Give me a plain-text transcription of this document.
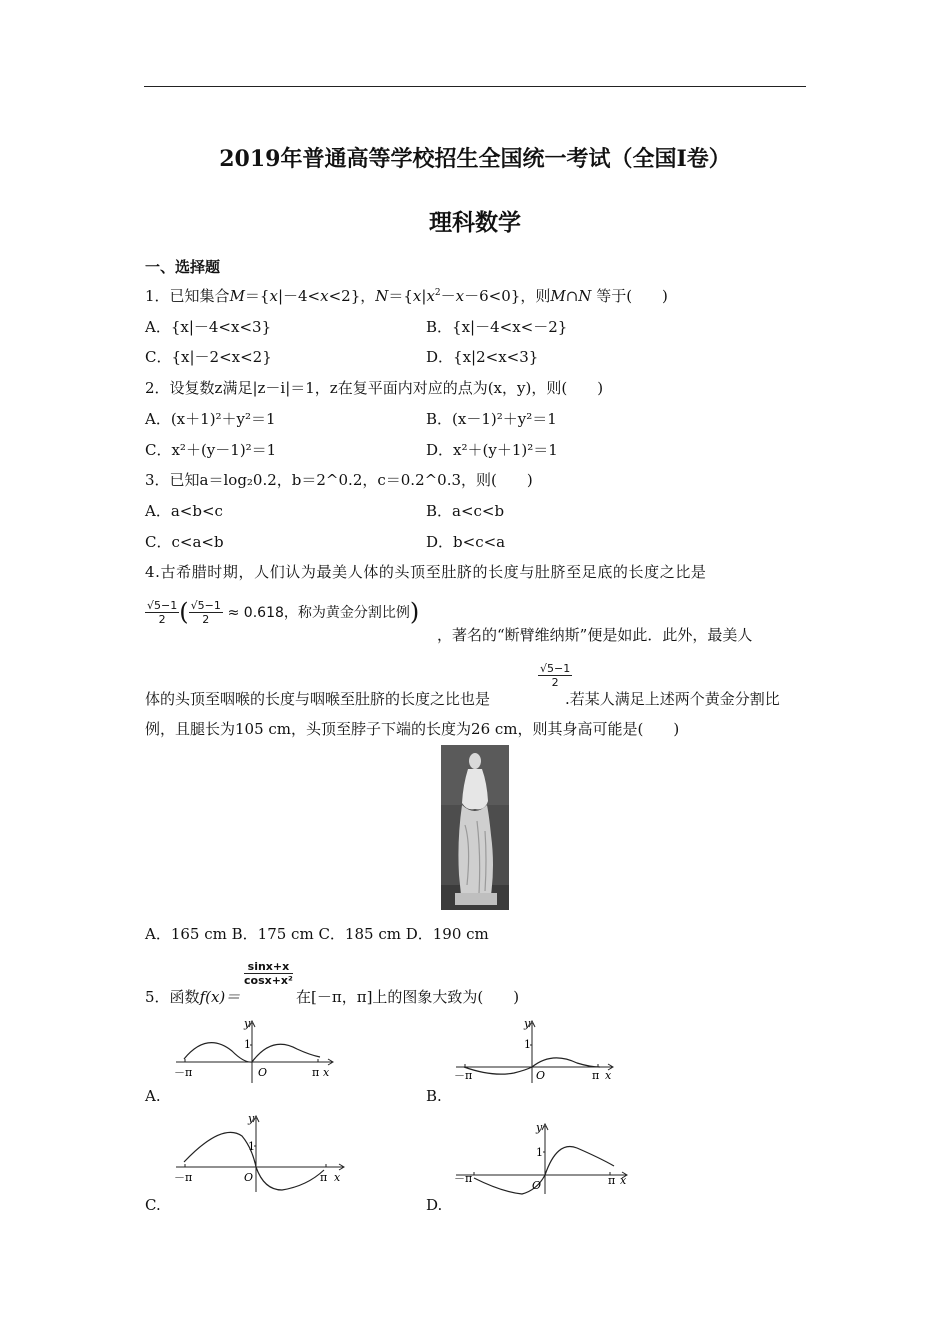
2019年普通高等学校招生全国统一考试（全国Ⅰ卷）
理科数学
一、选择题
1．已知集合M＝{x|－4<x<2}，$N=\{x|x^2-x-6<0\}$，则M∩N 等于(　　)
A．{x|－4<x<3}	B．{x|－4<x<－2}
C．{x|－2<x<2}	D．{x|2<x<3}
2．设复数z满足|z－i|＝1，z在复平面内对应的点为(x，y)，则(　　)
A．(x＋1)²＋y²＝1	B．(x－1)²＋y²＝1
C．x²＋(y－1)²＝1	D．x²＋(y＋1)²＝1
3．已知a＝log₂0.2，b＝2^0.2，c＝0.2^0.3，则(　　)
A．a<b<c	B．a<c<b
C．c<a<b	D．b<c<a
4.古希腊时期，人们认为最美人体的头顶至肚脐的长度与肚脐至足底的长度之比是
$\frac{√5-1}{2}$ ( $\frac{√5-1}{2} \approx 0.618$，称为黄金分割比例)
，著名的“断臂维纳斯”便是如此．此外，最美人
$\frac{√5-1}{2}$
体的头顶至咽喉的长度与咽喉至肚脐的长度之比也是	.若某人满足上述两个黄金分割比
例，且腿长为105 cm，头顶至脖子下端的长度为26 cm，则其身高可能是(　　)
A．165 cm B．175 cm C．185 cm D．190 cm
5．函数f(x)＝
$\frac{\sin x+x}{\text{cosx+x²}}$
在[－π，π]上的图象大致为(　　)
y
1
O
－π	π x
A.
y
1
O
－π	π x
B.
y
1
O
－π	π x
C.
y
1
O
－π	π x
D.
